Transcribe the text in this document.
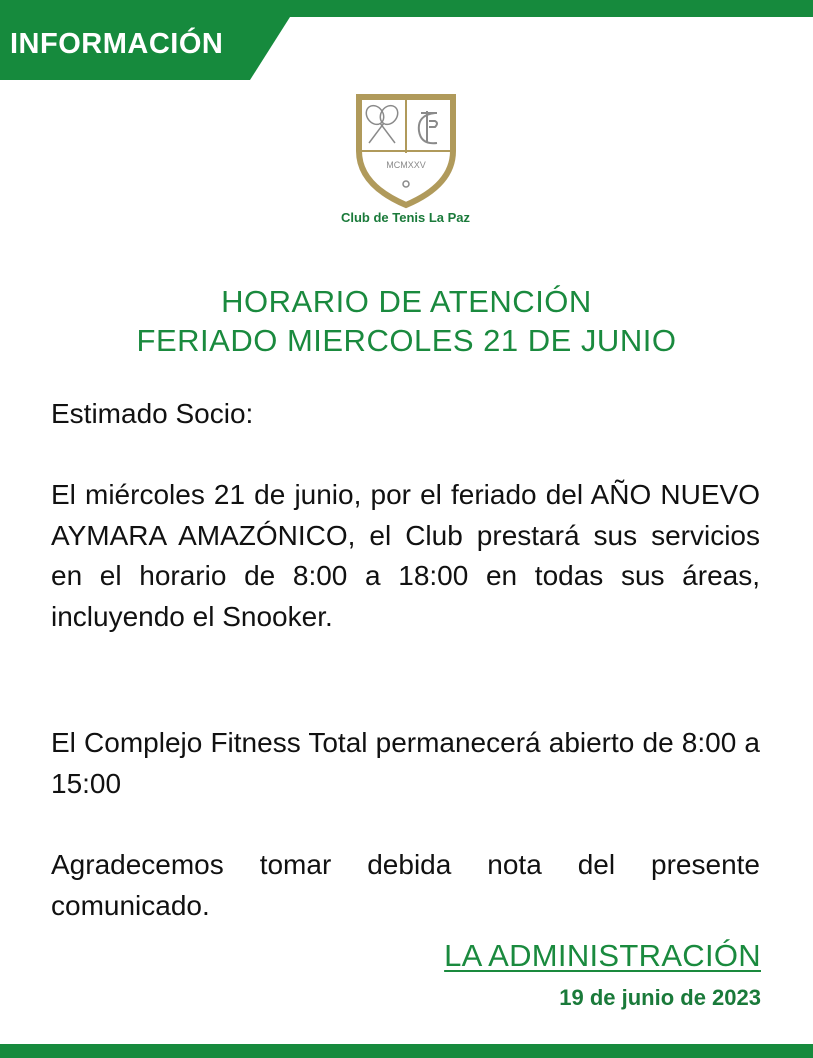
INFORMACIÓN
MCMXXV
Club de Tenis La Paz
HORARIO DE ATENCIÓN
FERIADO MIERCOLES 21 DE JUNIO

Estimado Socio:

El miércoles 21 de junio, por el feriado del AÑO NUEVO AYMARA AMAZÓNICO, el Club prestará sus servicios en el horario de 8:00 a 18:00 en todas sus áreas, incluyendo el Snooker.

El Complejo Fitness Total permanecerá abierto de 8:00 a 15:00

Agradecemos tomar debida nota del presente comunicado.

LA ADMINISTRACIÓN
19 de junio de 2023
